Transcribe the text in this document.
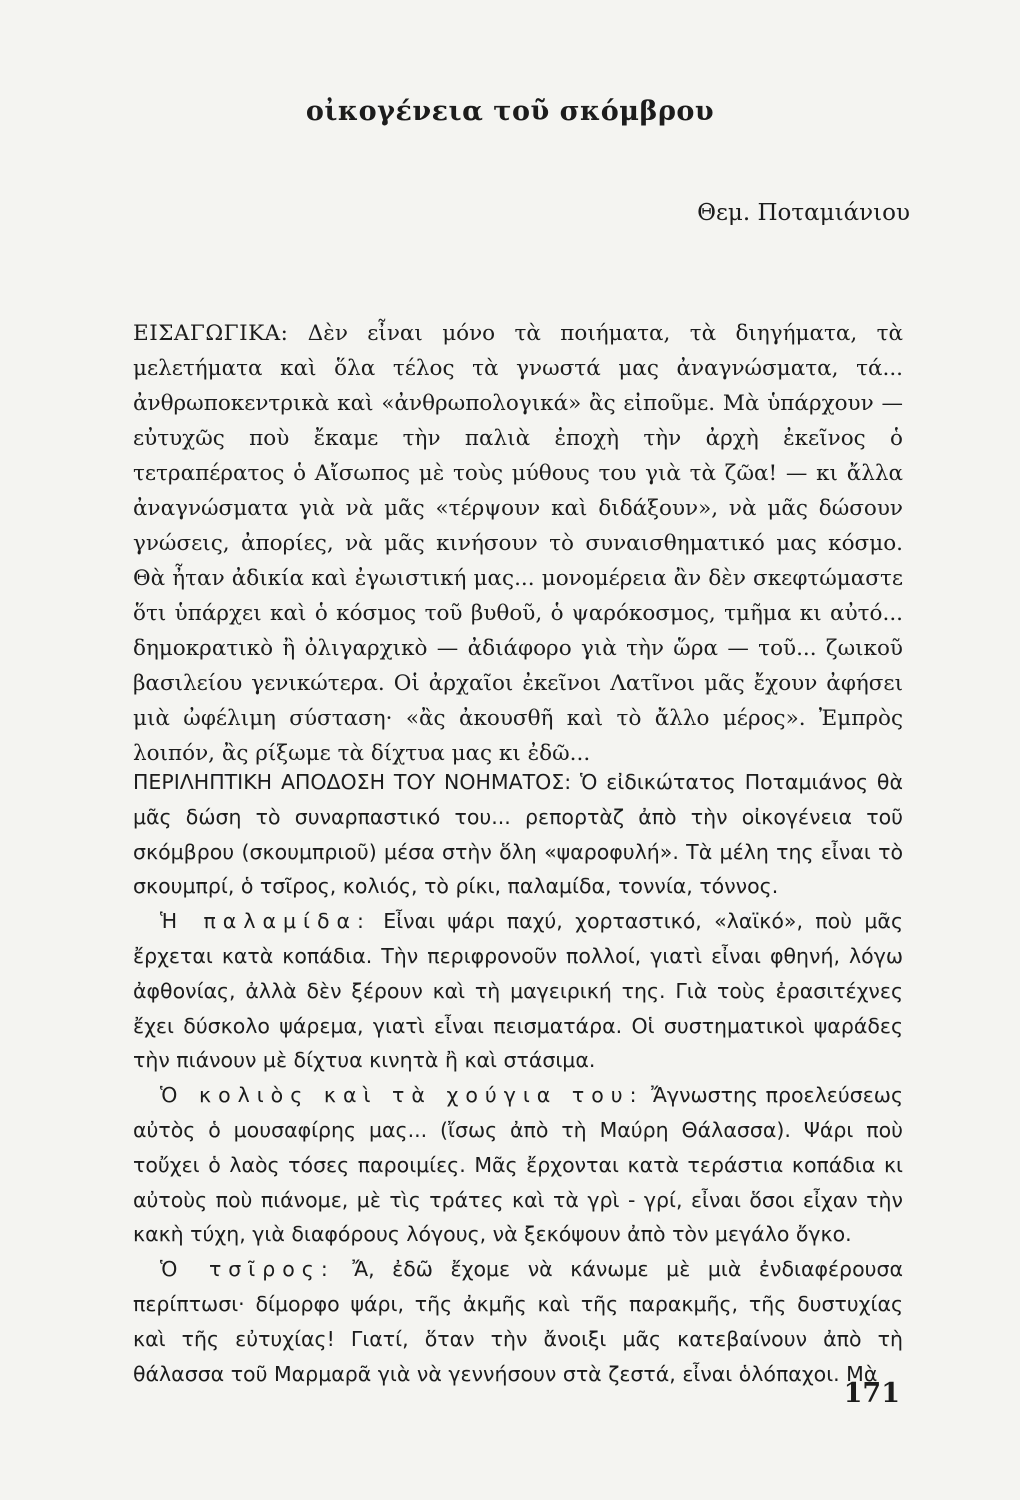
οἰκογένεια τοῦ σκόμβρου
Θεμ. Ποταμιάνιου

ΕΙΣΑΓΩΓΙΚΑ: Δὲν εἶναι μόνο τὰ ποιήματα, τὰ διηγήματα, τὰ μελετήματα καὶ ὅλα τέλος τὰ γνωστά μας ἀναγνώσματα, τά... ἀνθρωποκεντρικὰ καὶ «ἀνθρωπολογικά» ἂς εἰποῦμε. Μὰ ὑπάρχουν — εὐτυχῶς ποὺ ἔκαμε τὴν παλιὰ ἐποχὴ τὴν ἀρχὴ ἐκεῖνος ὁ τετραπέρατος ὁ Αἴσωπος μὲ τοὺς μύθους του γιὰ τὰ ζῶα! — κι ἄλλα ἀναγνώσματα γιὰ νὰ μᾶς «τέρψουν καὶ διδάξουν», νὰ μᾶς δώσουν γνώσεις, ἀπορίες, νὰ μᾶς κινήσουν τὸ συναισθηματικό μας κόσμο. Θὰ ἦταν ἀδικία καὶ ἐγωιστική μας... μονομέρεια ἂν δὲν σκεφτώμαστε ὅτι ὑπάρχει καὶ ὁ κόσμος τοῦ βυθοῦ, ὁ ψαρόκοσμος, τμῆμα κι αὐτό... δημοκρατικὸ ἢ ὀλιγαρχικὸ — ἀδιάφορο γιὰ τὴν ὥρα — τοῦ... ζωικοῦ βασιλείου γενικώτερα. Οἱ ἀρχαῖοι ἐκεῖνοι Λατῖνοι μᾶς ἔχουν ἀφήσει μιὰ ὠφέλιμη σύσταση· «ἂς ἀκουσθῆ καὶ τὸ ἄλλο μέρος». Ἐμπρὸς λοιπόν, ἂς ρίξωμε τὰ δίχτυα μας κι ἐδῶ...

ΠΕΡΙΛΗΠΤΙΚΗ ΑΠΟΔΟΣΗ ΤΟΥ ΝΟΗΜΑΤΟΣ: Ὁ εἰδικώτατος Ποταμιάνος θὰ μᾶς δώση τὸ συναρπαστικό του... ρεπορτὰζ ἀπὸ τὴν οἰκογένεια τοῦ σκόμβρου (σκουμπριοῦ) μέσα στὴν ὅλη «ψαροφυλή». Τὰ μέλη της εἶναι τὸ σκουμπρί, ὁ τσῖρος, κολιός, τὸ ρίκι, παλαμίδα, τοννία, τόννος.

Ἡ παλαμίδα: Εἶναι ψάρι παχύ, χορταστικό, «λαϊκό», ποὺ μᾶς ἔρχεται κατὰ κοπάδια. Τὴν περιφρονοῦν πολλοί, γιατὶ εἶναι φθηνή, λόγω ἀφθονίας, ἀλλὰ δὲν ξέρουν καὶ τὴ μαγειρική της. Γιὰ τοὺς ἐρασιτέχνες ἔχει δύσκολο ψάρεμα, γιατὶ εἶναι πεισματάρα. Οἱ συστηματικοὶ ψαράδες τὴν πιάνουν μὲ δίχτυα κινητὰ ἢ καὶ στάσιμα.

Ὁ κολιὸς καὶ τὰ χούγια του: Ἄγνωστης προελεύσεως αὐτὸς ὁ μουσαφίρης μας... (ἴσως ἀπὸ τὴ Μαύρη Θάλασσα). Ψάρι ποὺ τοὔχει ὁ λαὸς τόσες παροιμίες. Μᾶς ἔρχονται κατὰ τεράστια κοπάδια κι αὐτοὺς ποὺ πιάνομε, μὲ τὶς τράτες καὶ τὰ γρὶ - γρί, εἶναι ὅσοι εἶχαν τὴν κακὴ τύχη, γιὰ διαφόρους λόγους, νὰ ξεκόψουν ἀπὸ τὸν μεγάλο ὄγκο.

Ὁ τσῖρος: Ἄ, ἐδῶ ἔχομε νὰ κάνωμε μὲ μιὰ ἐνδιαφέρουσα περίπτωσι· δίμορφο ψάρι, τῆς ἀκμῆς καὶ τῆς παρακμῆς, τῆς δυστυχίας καὶ τῆς εὐτυχίας! Γιατί, ὅταν τὴν ἄνοιξι μᾶς κατεβαίνουν ἀπὸ τὴ θάλασσα τοῦ Μαρμαρᾶ γιὰ νὰ γεννήσουν στὰ ζεστά, εἶναι ὁλόπαχοι. Μὰ

171
